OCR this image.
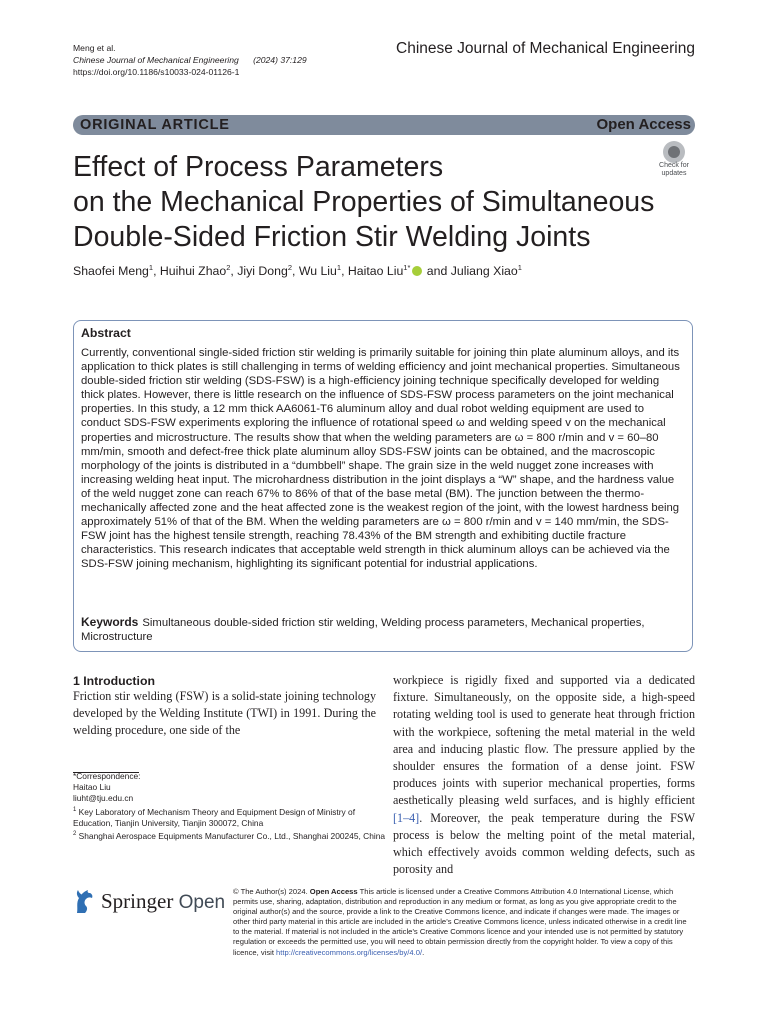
Meng et al.
Chinese Journal of Mechanical Engineering (2024) 37:129
https://doi.org/10.1186/s10033-024-01126-1
Chinese Journal of Mechanical Engineering
ORIGINAL ARTICLE	Open Access
Effect of Process Parameters
on the Mechanical Properties of Simultaneous
Double-Sided Friction Stir Welding Joints
Check for
updates
Shaofei Meng$^1$, Huihui Zhao$^2$, Jiyi Dong$^2$, Wu Liu$^1$, Haitao Liu$^{1*}$ and Juliang Xiao$^1$
Abstract
Currently, conventional single-sided friction stir welding is primarily suitable for joining thin plate aluminum alloys, and its application to thick plates is still challenging in terms of welding efficiency and joint mechanical properties. Simultaneous double-sided friction stir welding (SDS-FSW) is a high-efficiency joining technique specifically developed for welding thick plates. However, there is little research on the influence of SDS-FSW process parameters on the joint mechanical properties. In this study, a 12 mm thick AA6061-T6 aluminum alloy and dual robot welding equipment are used to conduct SDS-FSW experiments exploring the influence of rotational speed ω and welding speed v on the mechanical properties and microstructure. The results show that when the welding parameters are ω = 800 r/min and v = 60–80 mm/min, smooth and defect-free thick plate aluminum alloy SDS-FSW joints can be obtained, and the macroscopic morphology of the joints is distributed in a “dumbbell” shape. The grain size in the weld nugget zone increases with increasing welding heat input. The microhardness distribution in the joint displays a “W” shape, and the hardness value of the weld nugget zone can reach 67% to 86% of that of the base metal (BM). The junction between the thermo-mechanically affected zone and the heat affected zone is the weakest region of the joint, with the lowest hardness being approximately 51% of that of the BM. When the welding parameters are ω = 800 r/min and v = 140 mm/min, the SDS-FSW joint has the highest tensile strength, reaching 78.43% of the BM strength and exhibiting ductile fracture characteristics. This research indicates that acceptable weld strength in thick aluminum alloys can be achieved via the SDS-FSW joining mechanism, highlighting its significant potential for industrial applications.
Keywords Simultaneous double-sided friction stir welding, Welding process parameters, Mechanical properties, Microstructure
1 Introduction
Friction stir welding (FSW) is a solid-state joining technology developed by the Welding Institute (TWI) in 1991. During the welding procedure, one side of the
workpiece is rigidly fixed and supported via a dedicated fixture. Simultaneously, on the opposite side, a high-speed rotating welding tool is used to generate heat through friction with the workpiece, softening the metal material in the weld area and inducing plastic flow. The pressure applied by the shoulder ensures the formation of a dense joint. FSW produces joints with superior mechanical properties, forms aesthetically pleasing weld surfaces, and is highly efficient [1–4]. Moreover, the peak temperature during the FSW process is below the melting point of the metal material, which effectively avoids common welding defects, such as porosity and
*Correspondence:
Haitao Liu
liuht@tju.edu.cn
$^1$ Key Laboratory of Mechanism Theory and Equipment Design of Ministry of Education, Tianjin University, Tianjin 300072, China
$^2$ Shanghai Aerospace Equipments Manufacturer Co., Ltd., Shanghai 200245, China
Springer Open
© The Author(s) 2024. Open Access This article is licensed under a Creative Commons Attribution 4.0 International License, which permits use, sharing, adaptation, distribution and reproduction in any medium or format, as long as you give appropriate credit to the original author(s) and the source, provide a link to the Creative Commons licence, and indicate if changes were made. The images or other third party material in this article are included in the article’s Creative Commons licence, unless indicated otherwise in a credit line to the material. If material is not included in the article’s Creative Commons licence and your intended use is not permitted by statutory regulation or exceeds the permitted use, you will need to obtain permission directly from the copyright holder. To view a copy of this licence, visit http://creativecommons.org/licenses/by/4.0/.
